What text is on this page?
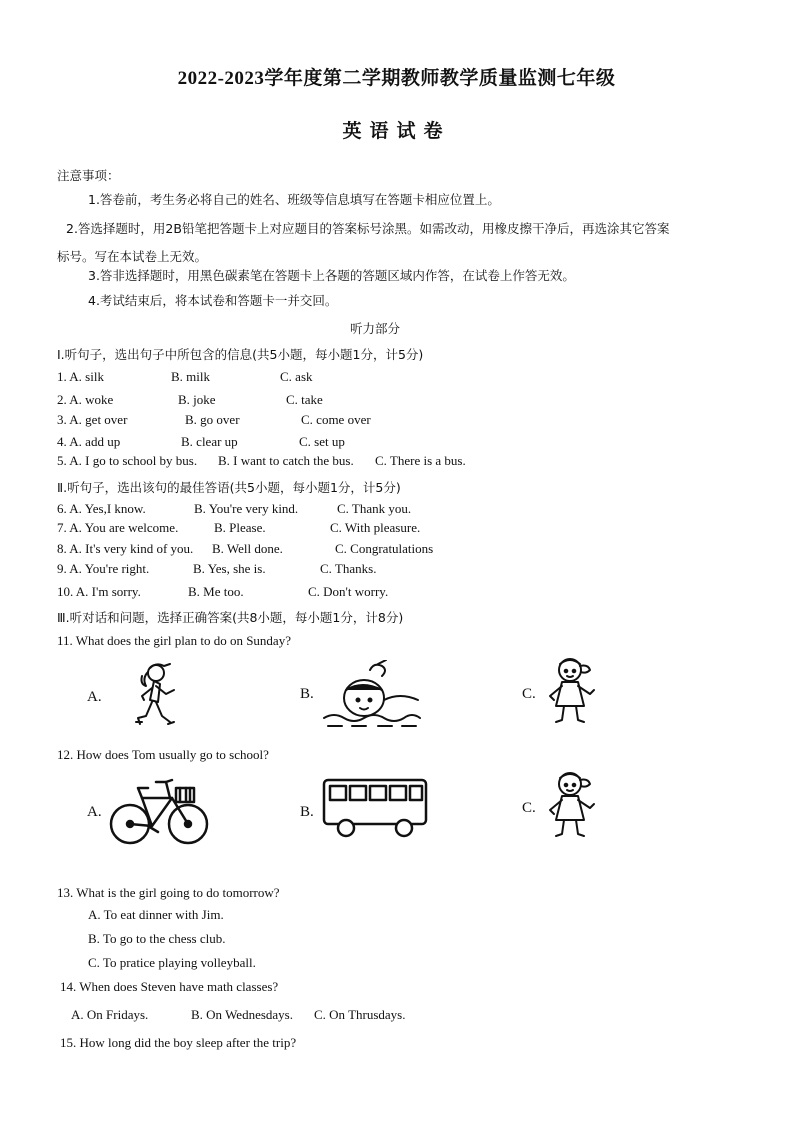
2022-2023学年度第二学期教师教学质量监测七年级
英语试卷
注意事项：
1.答卷前，考生务必将自己的姓名、班级等信息填写在答题卡相应位置上。
2.答选择题时，用2B铅笔把答题卡上对应题目的答案标号涂黑。如需改动，用橡皮擦干净后，再选涂其它答案
标号。写在本试卷上无效。
3.答非选择题时，用黑色碳素笔在答题卡上各题的答题区域内作答，在试卷上作答无效。
4.考试结束后，将本试卷和答题卡一并交回。
听力部分
Ⅰ.听句子，选出句子中所包含的信息(共5小题，每小题1分，计5分)
1. A. silk	B. milk	C. ask
2. A. woke	B. joke	C. take
3. A. get over	B. go over	C. come over
4. A. add up	B. clear up	C. set up
5. A. I go to school by bus. B. I want to catch the bus. C. There is a bus.
Ⅱ.听句子，选出该句的最佳答语(共5小题，每小题1分，计5分)
6. A. Yes,I know.	B. You're very kind.	C. Thank you.
7. A. You are welcome.	B. Please.	C. With pleasure.
8. A. It's very kind of you. B. Well done.	C. Congratulations
9. A. You're right.	B. Yes, she is.	C. Thanks.
10. A. I'm sorry.	B. Me too.	C. Don't worry.
Ⅲ.听对话和问题，选择正确答案(共8小题，每小题1分，计8分)
11. What does the girl plan to do on Sunday?
A.	B.	C.
12. How does Tom usually go to school?
A.	B.	C.
13. What is the girl going to do tomorrow?
A. To eat dinner with Jim.
B. To go to the chess club.
C. To pratice playing volleyball.
14. When does Steven have math classes?
A. On Fridays.	B. On Wednesdays. C. On Thrusdays.
15. How long did the boy sleep after the trip?
